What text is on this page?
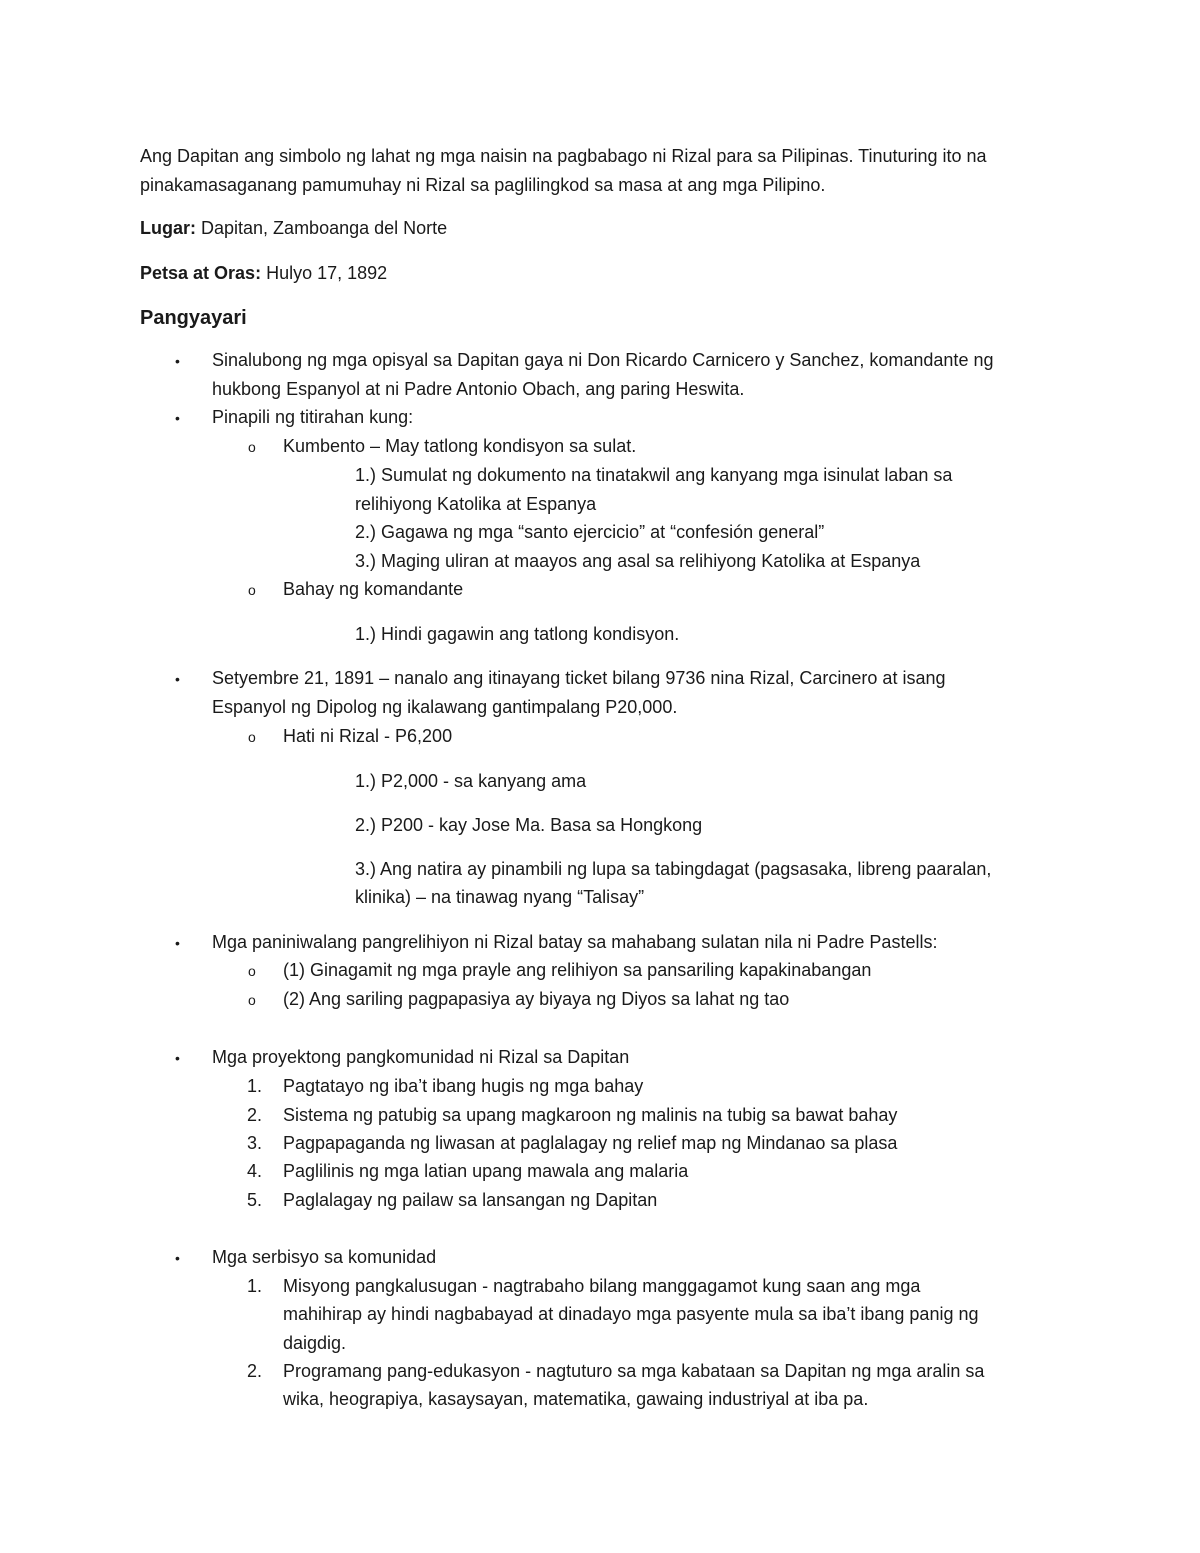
Ang Dapitan ang simbolo ng lahat ng mga naisin na pagbabago ni Rizal para sa Pilipinas. Tinuturing ito na
pinakamasaganang pamumuhay ni Rizal sa paglilingkod sa masa at ang mga Pilipino.
Lugar: Dapitan, Zamboanga del Norte
Petsa at Oras: Hulyo 17, 1892
Pangyayari
• Sinalubong ng mga opisyal sa Dapitan gaya ni Don Ricardo Carnicero y Sanchez, komandante ng
hukbong Espanyol at ni Padre Antonio Obach, ang paring Heswita.
• Pinapili ng titirahan kung:
o Kumbento – May tatlong kondisyon sa sulat.
1.) Sumulat ng dokumento na tinatakwil ang kanyang mga isinulat laban sa
relihiyong Katolika at Espanya
2.) Gagawa ng mga “santo ejercicio” at “confesión general”
3.) Maging uliran at maayos ang asal sa relihiyong Katolika at Espanya
o Bahay ng komandante
1.) Hindi gagawin ang tatlong kondisyon.
• Setyembre 21, 1891 – nanalo ang itinayang ticket bilang 9736 nina Rizal, Carcinero at isang
Espanyol ng Dipolog ng ikalawang gantimpalang P20,000.
o Hati ni Rizal - P6,200
1.) P2,000 - sa kanyang ama
2.) P200 - kay Jose Ma. Basa sa Hongkong
3.) Ang natira ay pinambili ng lupa sa tabingdagat (pagsasaka, libreng paaralan,
klinika) – na tinawag nyang “Talisay”
• Mga paniniwalang pangrelihiyon ni Rizal batay sa mahabang sulatan nila ni Padre Pastells:
o (1) Ginagamit ng mga prayle ang relihiyon sa pansariling kapakinabangan
o (2) Ang sariling pagpapasiya ay biyaya ng Diyos sa lahat ng tao
• Mga proyektong pangkomunidad ni Rizal sa Dapitan
1. Pagtatayo ng iba’t ibang hugis ng mga bahay
2. Sistema ng patubig sa upang magkaroon ng malinis na tubig sa bawat bahay
3. Pagpapaganda ng liwasan at paglalagay ng relief map ng Mindanao sa plasa
4. Paglilinis ng mga latian upang mawala ang malaria
5. Paglalagay ng pailaw sa lansangan ng Dapitan
• Mga serbisyo sa komunidad
1. Misyong pangkalusugan - nagtrabaho bilang manggagamot kung saan ang mga
mahihirap ay hindi nagbabayad at dinadayo mga pasyente mula sa iba’t ibang panig ng
daigdig.
2. Programang pang-edukasyon - nagtuturo sa mga kabataan sa Dapitan ng mga aralin sa
wika, heograpiya, kasaysayan, matematika, gawaing industriyal at iba pa.
